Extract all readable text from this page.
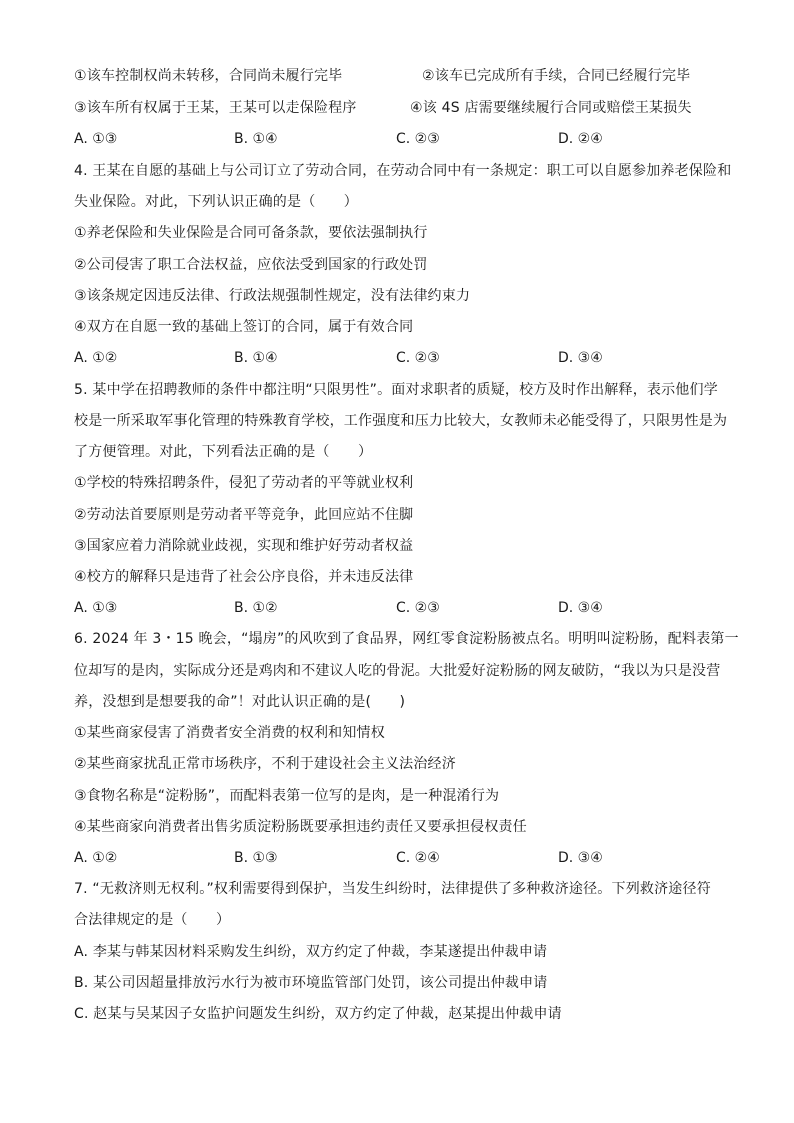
①该车控制权尚未转移，合同尚未履行完毕	②该车已完成所有手续，合同已经履行完毕
③该车所有权属于王某，王某可以走保险程序	④该 4S 店需要继续履行合同或赔偿王某损失
A. ①③	B. ①④	C. ②③	D. ②④
4. 王某在自愿的基础上与公司订立了劳动合同，在劳动合同中有一条规定：职工可以自愿参加养老保险和
失业保险。对此，下列认识正确的是（　　）
①养老保险和失业保险是合同可备条款，要依法强制执行
②公司侵害了职工合法权益，应依法受到国家的行政处罚
③该条规定因违反法律、行政法规强制性规定，没有法律约束力
④双方在自愿一致的基础上签订的合同，属于有效合同
A. ①②	B. ①④	C. ②③	D. ③④
5. 某中学在招聘教师的条件中都注明“只限男性”。面对求职者的质疑，校方及时作出解释，表示他们学
校是一所采取军事化管理的特殊教育学校，工作强度和压力比较大，女教师未必能受得了，只限男性是为
了方便管理。对此，下列看法正确的是（　　）
①学校的特殊招聘条件，侵犯了劳动者的平等就业权利
②劳动法首要原则是劳动者平等竞争，此回应站不住脚
③国家应着力消除就业歧视，实现和维护好劳动者权益
④校方的解释只是违背了社会公序良俗，并未违反法律
A. ①③	B. ①②	C. ②③	D. ③④
6. 2024 年 3・15 晚会，“塌房”的风吹到了食品界，网红零食淀粉肠被点名。明明叫淀粉肠，配料表第一
位却写的是肉，实际成分还是鸡肉和不建议人吃的骨泥。大批爱好淀粉肠的网友破防，“我以为只是没营
养，没想到是想要我的命”！对此认识正确的是(　　)
①某些商家侵害了消费者安全消费的权利和知情权
②某些商家扰乱正常市场秩序，不利于建设社会主义法治经济
③食物名称是“淀粉肠”，而配料表第一位写的是肉，是一种混淆行为
④某些商家向消费者出售劣质淀粉肠既要承担违约责任又要承担侵权责任
A. ①②	B. ①③	C. ②④	D. ③④
7. “无救济则无权利。”权利需要得到保护，当发生纠纷时，法律提供了多种救济途径。下列救济途径符
合法律规定的是（　　）
A. 李某与韩某因材料采购发生纠纷，双方约定了仲裁，李某遂提出仲裁申请
B. 某公司因超量排放污水行为被市环境监管部门处罚，该公司提出仲裁申请
C. 赵某与吴某因子女监护问题发生纠纷，双方约定了仲裁，赵某提出仲裁申请
